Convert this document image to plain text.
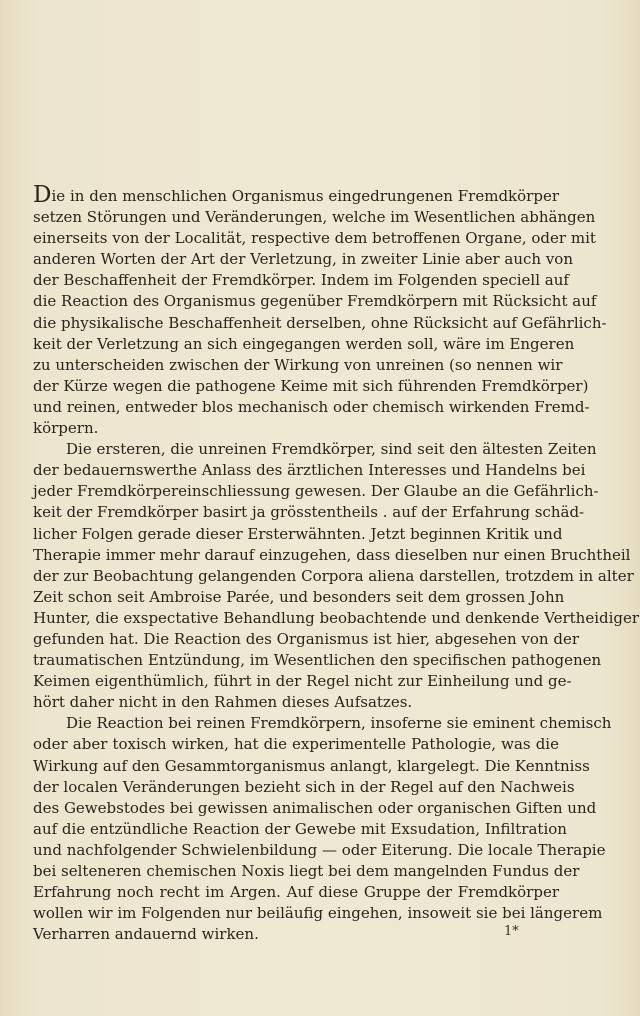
Die in den menschlichen Organismus eingedrungenen Fremdkörper
setzen Störungen und Veränderungen, welche im Wesentlichen abhängen
einerseits von der Localität, respective dem betroffenen Organe, oder mit
anderen Worten der Art der Verletzung, in zweiter Linie aber auch von
der Beschaffenheit der Fremdkörper. Indem im Folgenden speciell auf
die Reaction des Organismus gegenüber Fremdkörpern mit Rücksicht auf
die physikalische Beschaffenheit derselben, ohne Rücksicht auf Gefährlich-
keit der Verletzung an sich eingegangen werden soll, wäre im Engeren
zu unterscheiden zwischen der Wirkung von unreinen (so nennen wir
der Kürze wegen die pathogene Keime mit sich führenden Fremdkörper)
und reinen, entweder blos mechanisch oder chemisch wirkenden Fremd-
körpern.
Die ersteren, die unreinen Fremdkörper, sind seit den ältesten Zeiten
der bedauernswerthe Anlass des ärztlichen Interesses und Handelns bei
jeder Fremdkörpereinschliessung gewesen. Der Glaube an die Gefährlich-
keit der Fremdkörper basirt ja grösstentheils . auf der Erfahrung schäd-
licher Folgen gerade dieser Ersterwähnten. Jetzt beginnen Kritik und
Therapie immer mehr darauf einzugehen, dass dieselben nur einen Bruchtheil
der zur Beobachtung gelangenden Corpora aliena darstellen, trotzdem in alter
Zeit schon seit Ambroise Parée, und besonders seit dem grossen John
Hunter, die exspectative Behandlung beobachtende und denkende Vertheidiger
gefunden hat. Die Reaction des Organismus ist hier, abgesehen von der
traumatischen Entzündung, im Wesentlichen den specifischen pathogenen
Keimen eigenthümlich, führt in der Regel nicht zur Einheilung und ge-
hört daher nicht in den Rahmen dieses Aufsatzes.
Die Reaction bei reinen Fremdkörpern, insoferne sie eminent chemisch
oder aber toxisch wirken, hat die experimentelle Pathologie, was die
Wirkung auf den Gesammtorganismus anlangt, klargelegt. Die Kenntniss
der localen Veränderungen bezieht sich in der Regel auf den Nachweis
des Gewebstodes bei gewissen animalischen oder organischen Giften und
auf die entzündliche Reaction der Gewebe mit Exsudation, Infiltration
und nachfolgender Schwielenbildung — oder Eiterung. Die locale Therapie
bei selteneren chemischen Noxis liegt bei dem mangelnden Fundus der
Erfahrung noch recht im Argen. Auf diese Gruppe der Fremdkörper
wollen wir im Folgenden nur beiläufig eingehen, insoweit sie bei längerem
Verharren andauernd wirken.	1*
